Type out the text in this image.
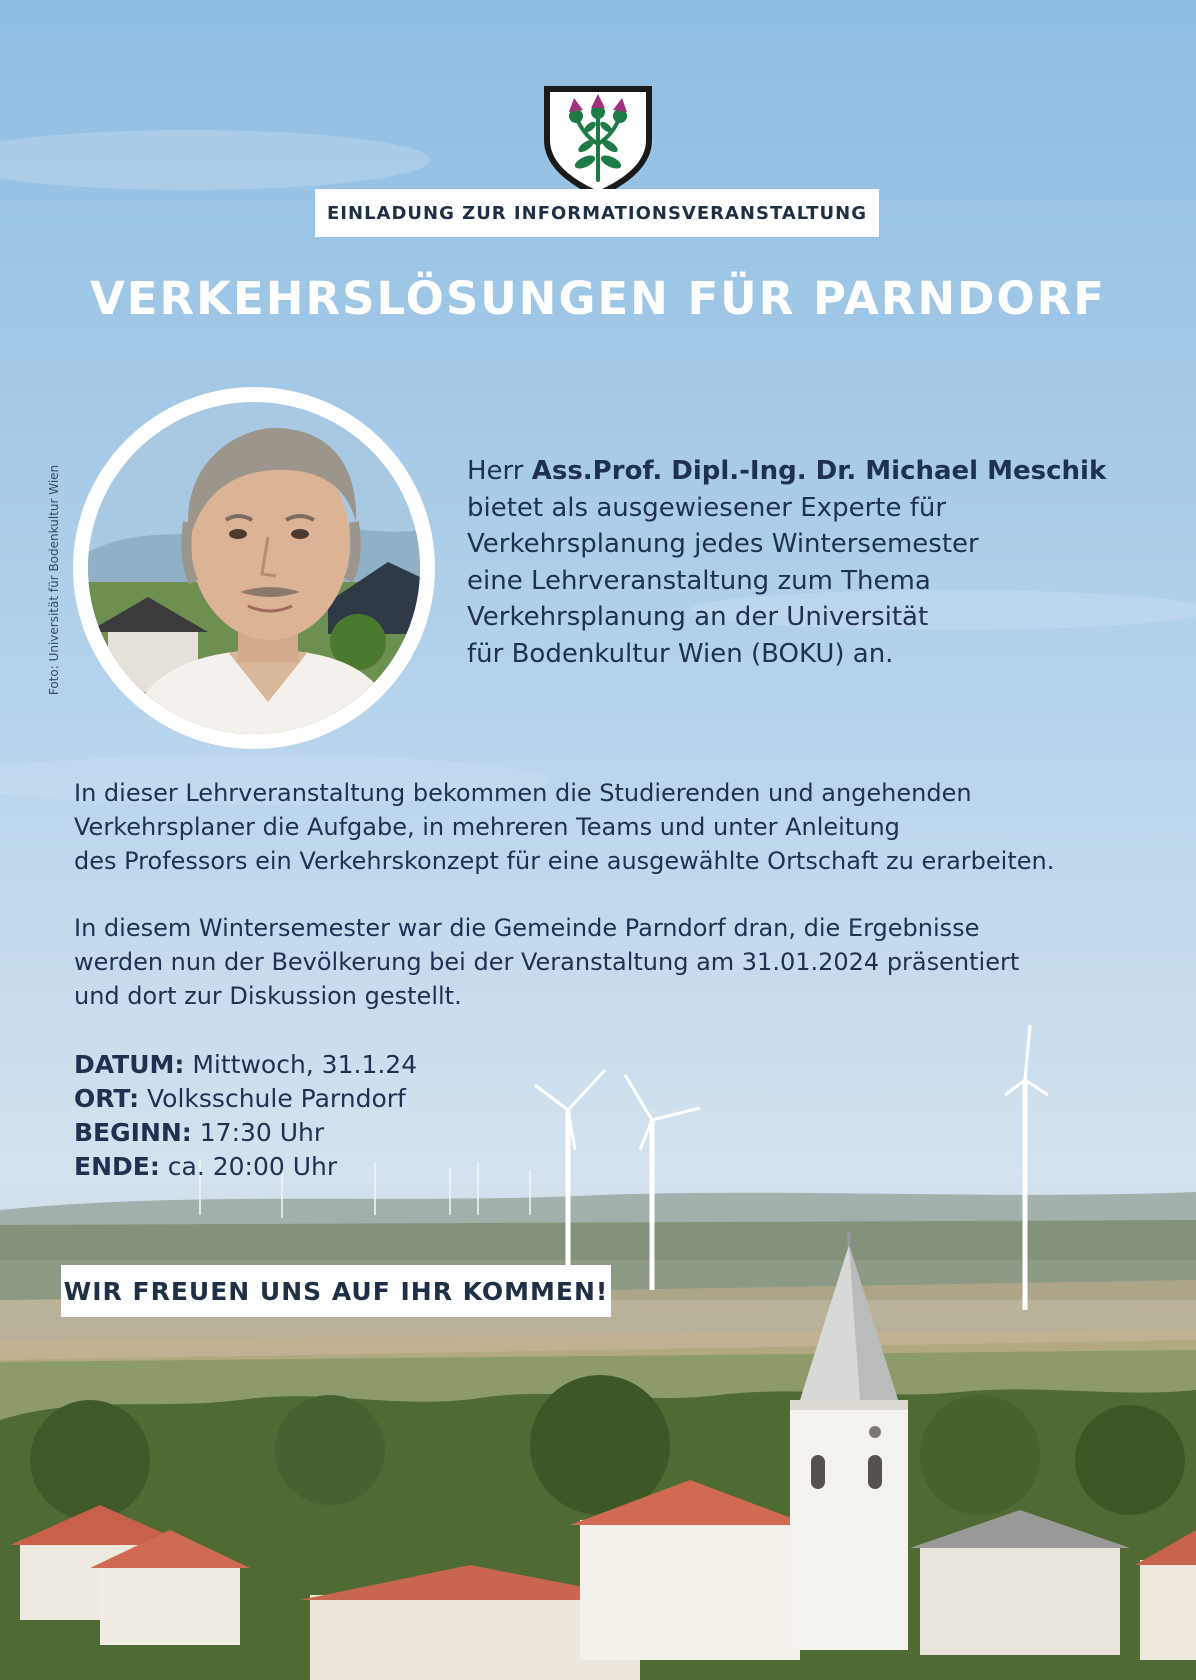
EINLADUNG ZUR INFORMATIONSVERANSTALTUNG
VERKEHRSLÖSUNGEN FÜR PARNDORF
Foto: Universität für Bodenkultur Wien	Herr Ass.Prof. Dipl.-Ing. Dr. Michael Meschik
bietet als ausgewiesener Experte für
Verkehrsplanung jedes Wintersemester
eine Lehrveranstaltung zum Thema
Verkehrsplanung an der Universität
für Bodenkultur Wien (BOKU) an.
In dieser Lehrveranstaltung bekommen die Studierenden und angehenden
Verkehrsplaner die Aufgabe, in mehreren Teams und unter Anleitung
des Professors ein Verkehrskonzept für eine ausgewählte Ortschaft zu erarbeiten.
In diesem Wintersemester war die Gemeinde Parndorf dran, die Ergebnisse
werden nun der Bevölkerung bei der Veranstaltung am 31.01.2024 präsentiert
und dort zur Diskussion gestellt.
DATUM: Mittwoch, 31.1.24
ORT: Volksschule Parndorf
BEGINN: 17:30 Uhr
ENDE: ca. 20:00 Uhr
WIR FREUEN UNS AUF IHR KOMMEN!
